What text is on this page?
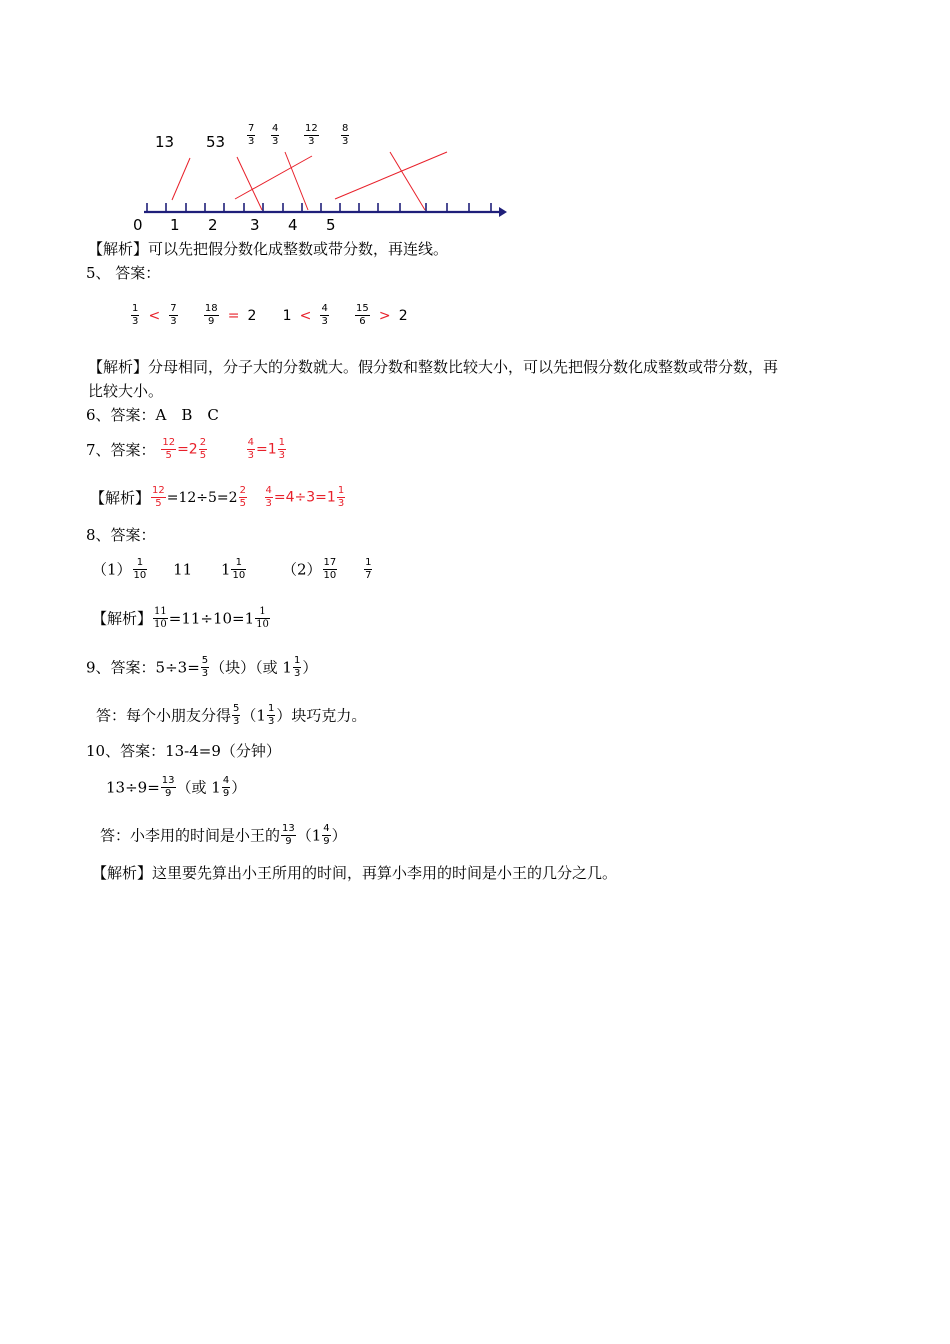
13 $53 \frac{7}{3} \frac{4}{3} \frac{12}{3} \frac{8}{3}$
0 1 2 3 4 5
【解析】可以先把假分数化成整数或带分数，再连线。
5、 答案：
$\frac{1}{3} < \frac{7}{3}$
	$\frac{18}{9} = 2$ $1 < \frac{4}{3}$
	$\frac{15}{6} > 2$
【解析】分母相同，分子大的分数就大。假分数和整数比较大小，可以先把假分数化成整数或带分数，再
比较大小。
6、答案：A　B　C
7、答案： $\frac{12}{5} =2 \frac{2}{5}$
	$\frac{4}{3} =1 \frac{1}{3}$
【解析】 $\frac{12}{5} =12\div 5=2 \frac{2}{5}$
$\frac{4}{3} =4\div 3=1 \frac{1}{3}$
8、答案：
$(1) \frac{1}{10} 11$ $1 \frac{1}{10} (2) \frac{17}{10}$
	$\frac{1}{7}$
【解析】 $\frac{11}{10} =11\div 10=1 \frac{1}{10}$
9、答案：$5\div 3= \frac{5}{3}$ （块）（或 $1 \frac{1}{3}$ ）
答：每个小朋友分得 $\frac{5}{3} (1 \frac{1}{3}$ ）块巧克力。
10、答案：13-4=9（分钟）
$13\div 9= \frac{13}{9}$ （或 $1 \frac{4}{9}$ ）
答：小李用的时间是小王的 $\frac{13}{9} (1 \frac{4}{9}$ ）
【解析】这里要先算出小王所用的时间，再算小李用的时间是小王的几分之几。
